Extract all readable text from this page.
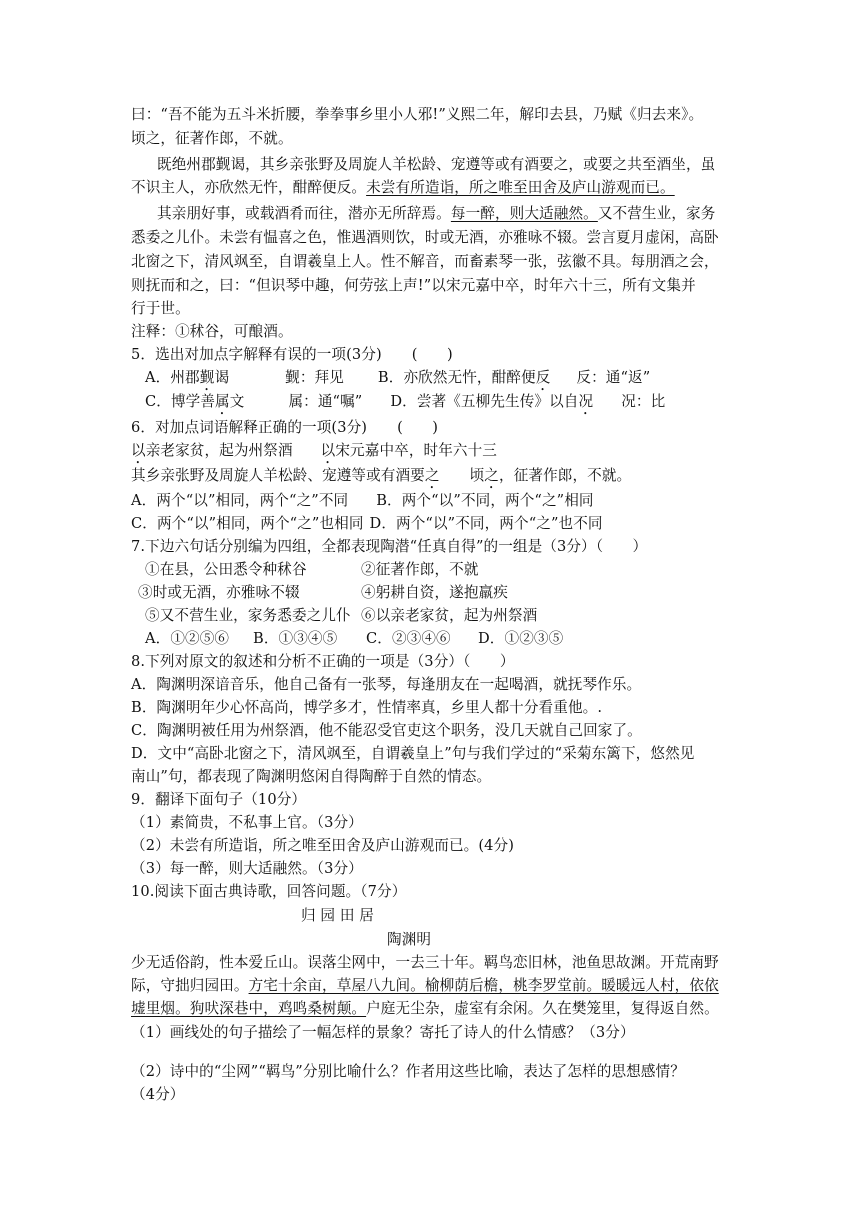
曰：“吾不能为五斗米折腰，拳拳事乡里小人邪!”义熙二年，解印去县，乃赋《归去来》。
顷之，征著作郎，不就。
既绝州郡觐谒，其乡亲张野及周旋人羊松龄、宠遵等或有酒要之，或要之共至酒坐，虽
不识主人，亦欣然无忤，酣醉便反。未尝有所造诣，所之唯至田舍及庐山游观而已。
其亲朋好事，或载酒肴而往，潜亦无所辞焉。每一醉，则大适融然。又不营生业，家务
悉委之儿仆。未尝有愠喜之色，惟遇酒则饮，时或无酒，亦雅咏不辍。尝言夏月虚闲，高卧
北窗之下，清风飒至，自谓羲皇上人。性不解音，而畜素琴一张，弦徽不具。每朋酒之会，
则抚而和之，曰：“但识琴中趣，何劳弦上声!”以宋元嘉中卒，时年六十三，所有文集并
行于世。
注释：①秫谷，可酿酒。
5．选出对加点字解释有误的一项(3分) (　　)
A．州郡觐谒	觐：拜见 B．亦欣然无忤，酣醉便反 反：通“返”
C．博学善属文	属：通“嘱” D．尝著《五柳先生传》以自况 况：比
6．对加点词语解释正确的一项(3分) (　　)
以亲老家贫，起为州祭酒 以宋元嘉中卒，时年六十三
其乡亲张野及周旋人羊松龄、宠遵等或有酒要之 顷之，征著作郎，不就。
A．两个“以”相同，两个“之”不同 B．两个“以”不同，两个“之”相同
C．两个“以”相同，两个“之”也相同 D．两个“以”不同，两个“之”也不同
7.下边六句话分别编为四组，全都表现陶潜“任真自得”的一组是（3分）（　　）
①在县，公田悉令种秫谷	②征著作郎，不就
③时或无酒，亦雅咏不辍	④躬耕自资，遂抱羸疾
⑤又不营生业，家务悉委之儿仆 ⑥以亲老家贫，起为州祭酒
A．①②⑤⑥ B．①③④⑤ C．②③④⑥ D．①②③⑤
8.下列对原文的叙述和分析不正确的一项是（3分）（　　）
A．陶渊明深谙音乐，他自己备有一张琴，每逢朋友在一起喝酒，就抚琴作乐。
B．陶渊明年少心怀高尚，博学多才，性情率真，乡里人都十分看重他。.
C．陶渊明被任用为州祭酒，他不能忍受官吏这个职务，没几天就自己回家了。
D．文中“高卧北窗之下，清风飒至，自谓羲皇上”句与我们学过的“采菊东篱下，悠然见
南山”句，都表现了陶渊明悠闲自得陶醉于自然的情态。
9．翻译下面句子（10分）
（1）素简贵，不私事上官。（3分）
（2）未尝有所造诣，所之唯至田舍及庐山游观而已。(4分)
（3）每一醉，则大适融然。（3分）
10.阅读下面古典诗歌，回答问题。（7分）
归 园 田 居
陶渊明
少无适俗韵，性本爱丘山。误落尘网中，一去三十年。羁鸟恋旧林，池鱼思故渊。开荒南野
际，守拙归园田。方宅十余亩，草屋八九间。榆柳荫后檐，桃李罗堂前。暖暖远人村，依依
墟里烟。狗吠深巷中，鸡鸣桑树颠。户庭无尘杂，虚室有余闲。久在樊笼里，复得返自然。
（1）画线处的句子描绘了一幅怎样的景象？寄托了诗人的什么情感？（3分）
（2）诗中的“尘网”“羁鸟”分别比喻什么？作者用这些比喻，表达了怎样的思想感情？
（4分）
